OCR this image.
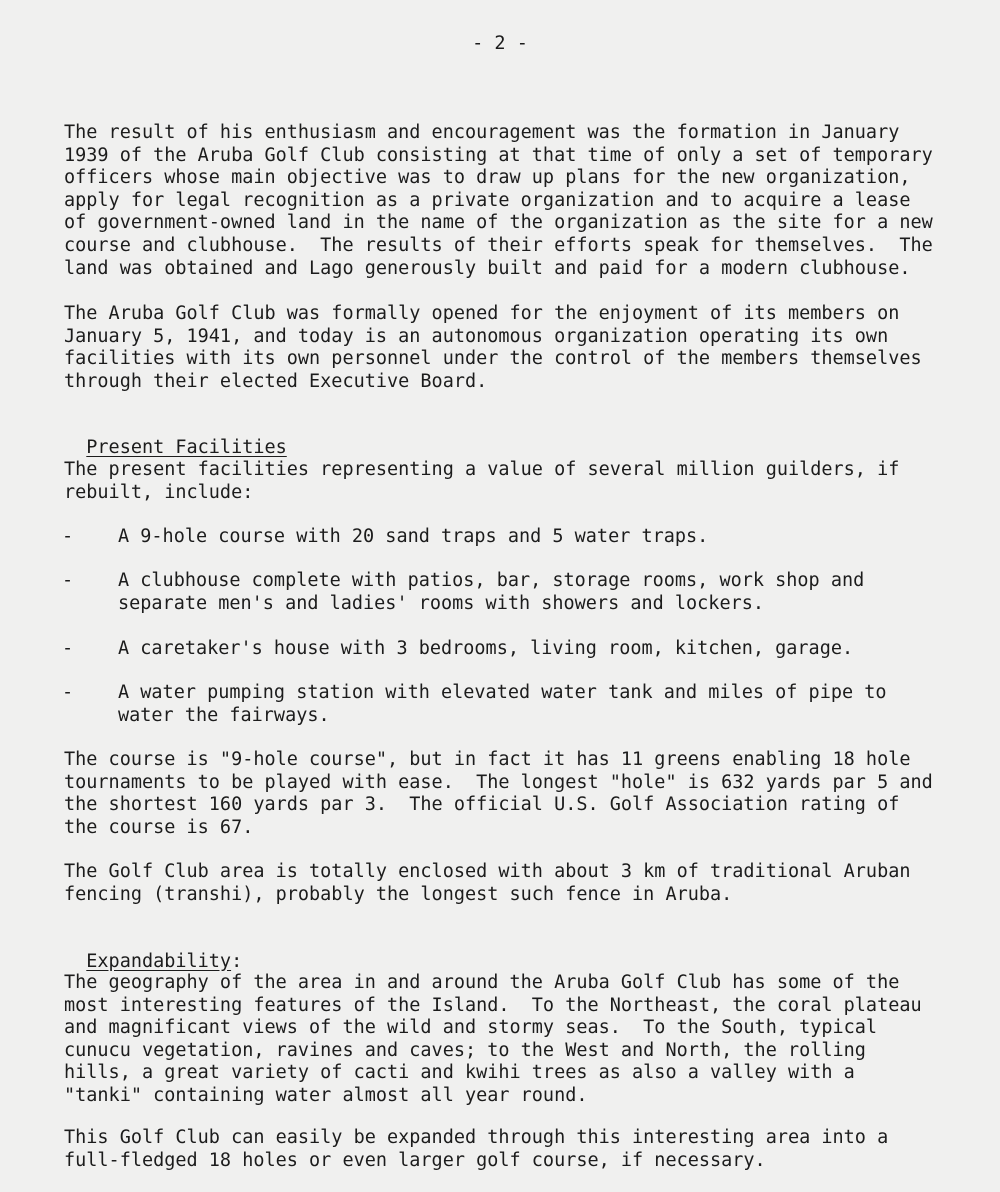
- 2 -

The result of his enthusiasm and encouragement was the formation in January
1939 of the Aruba Golf Club consisting at that time of only a set of temporary
officers whose main objective was to draw up plans for the new organization,
apply for legal recognition as a private organization and to acquire a lease
of government-owned land in the name of the organization as the site for a new
course and clubhouse.  The results of their efforts speak for themselves.  The
land was obtained and Lago generously built and paid for a modern clubhouse.

The Aruba Golf Club was formally opened for the enjoyment of its members on
January 5, 1941, and today is an autonomous organization operating its own
facilities with its own personnel under the control of the members themselves
through their elected Executive Board.

Present Facilities

The present facilities representing a value of several million guilders, if
rebuilt, include:

- A 9-hole course with 20 sand traps and 5 water traps.

- A clubhouse complete with patios, bar, storage rooms, work shop and
separate men's and ladies' rooms with showers and lockers.

- A caretaker's house with 3 bedrooms, living room, kitchen, garage.

- A water pumping station with elevated water tank and miles of pipe to
water the fairways.

The course is "9-hole course", but in fact it has 11 greens enabling 18 hole
tournaments to be played with ease.  The longest "hole" is 632 yards par 5 and
the shortest 160 yards par 3.  The official U.S. Golf Association rating of
the course is 67.

The Golf Club area is totally enclosed with about 3 km of traditional Aruban
fencing (transhi), probably the longest such fence in Aruba.

Expandability:

The geography of the area in and around the Aruba Golf Club has some of the
most interesting features of the Island.  To the Northeast, the coral plateau
and magnificant views of the wild and stormy seas.  To the South, typical
cunucu vegetation, ravines and caves; to the West and North, the rolling
hills, a great variety of cacti and kwihi trees as also a valley with a
"tanki" containing water almost all year round.

This Golf Club can easily be expanded through this interesting area into a
full-fledged 18 holes or even larger golf course, if necessary.
